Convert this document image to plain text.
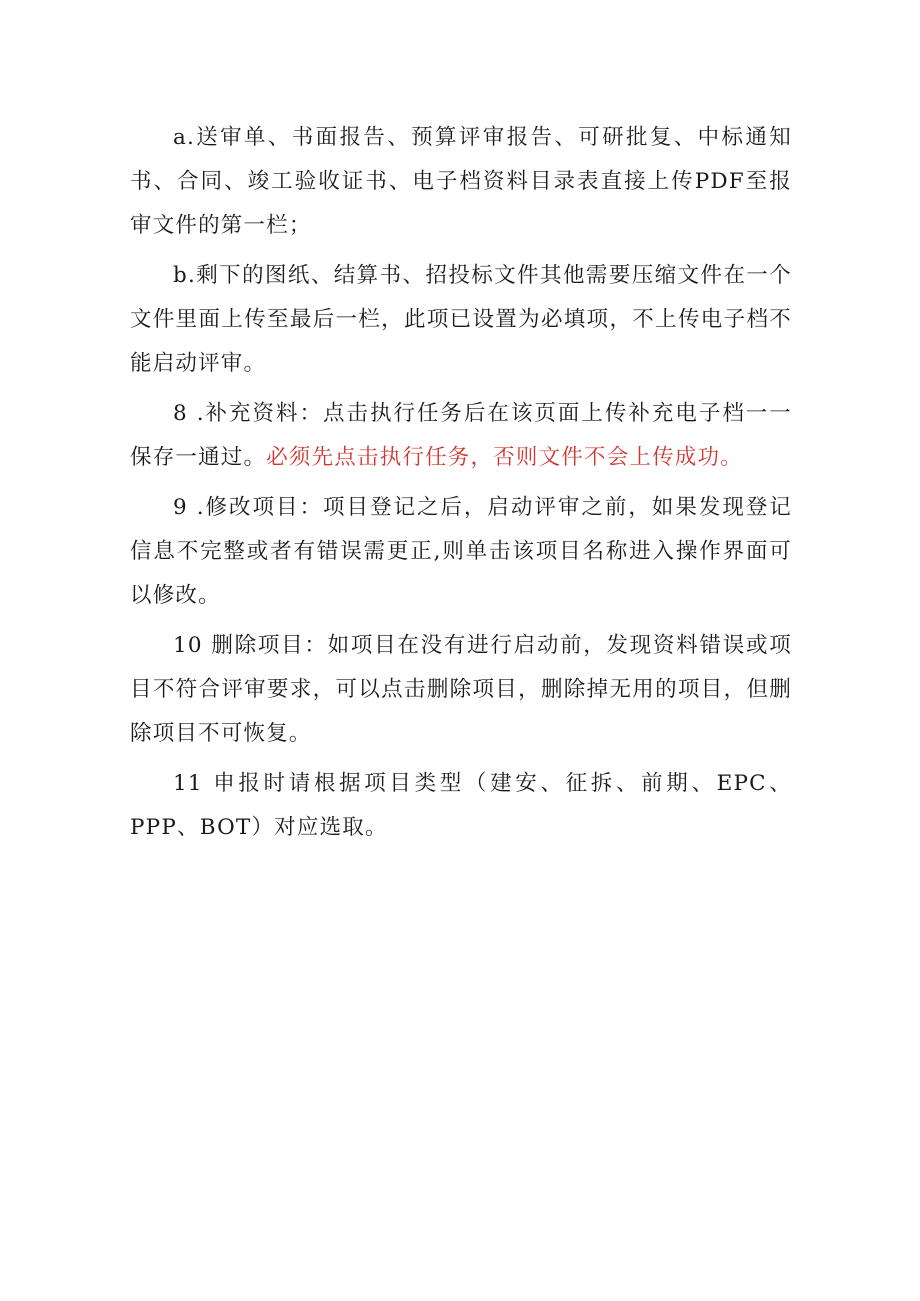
a.送审单、书面报告、预算评审报告、可研批复、中标通知书、合同、竣工验收证书、电子档资料目录表直接上传PDF至报审文件的第一栏；

b.剩下的图纸、结算书、招投标文件其他需要压缩文件在一个文件里面上传至最后一栏，此项已设置为必填项，不上传电子档不能启动评审。

8 .补充资料：点击执行任务后在该页面上传补充电子档一一保存一通过。必须先点击执行任务，否则文件不会上传成功。

9 .修改项目：项目登记之后，启动评审之前，如果发现登记信息不完整或者有错误需更正,则单击该项目名称进入操作界面可以修改。

10 删除项目：如项目在没有进行启动前，发现资料错误或项目不符合评审要求，可以点击删除项目，删除掉无用的项目，但删除项目不可恢复。

11 申报时请根据项目类型（建安、征拆、前期、EPC、PPP、BOT）对应选取。
